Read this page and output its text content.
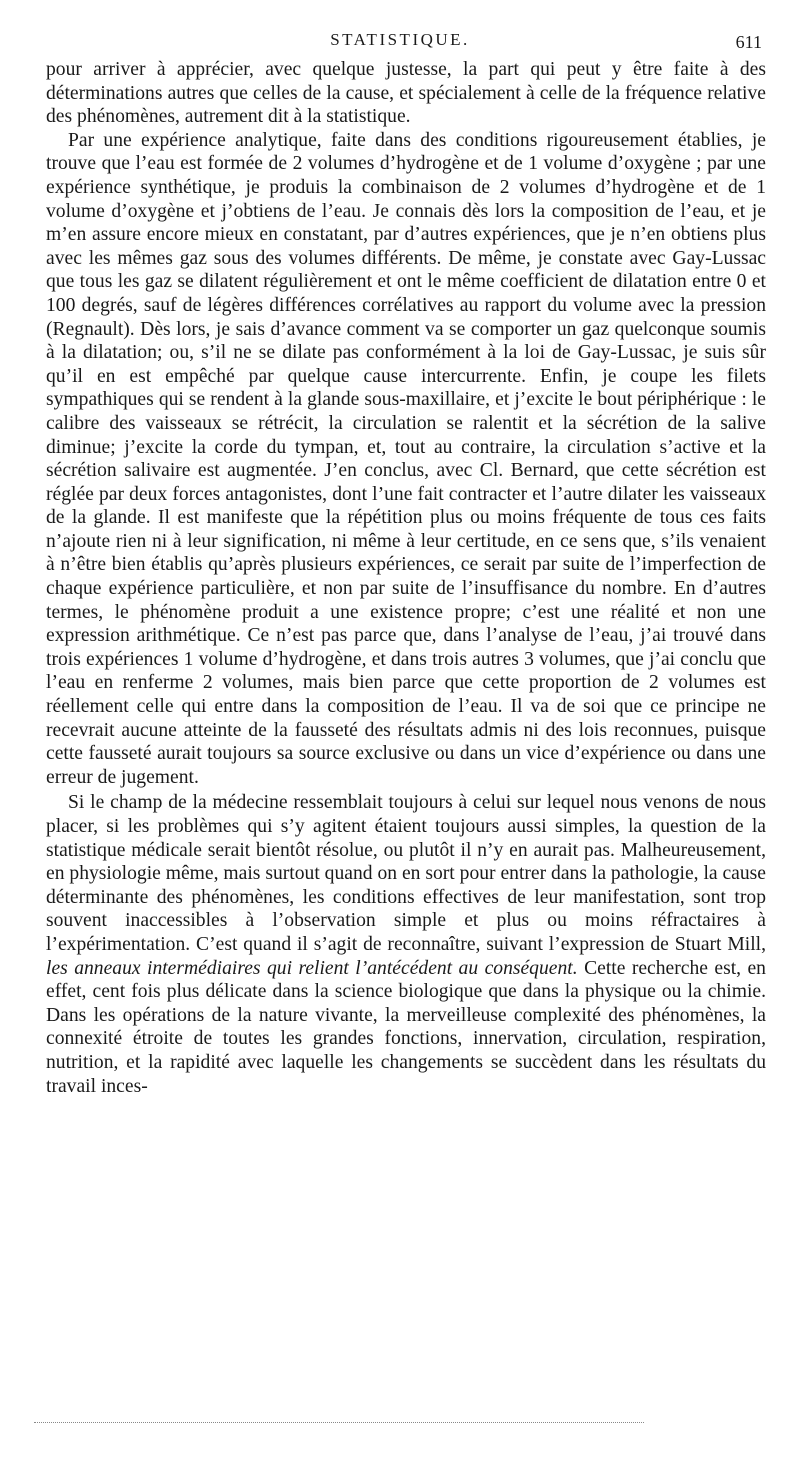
STATISTIQUE.	611

pour arriver à apprécier, avec quelque justesse, la part qui peut y être faite à des déterminations autres que celles de la cause, et spécialement à celle de la fréquence relative des phénomènes, autrement dit à la statistique.

Par une expérience analytique, faite dans des conditions rigoureusement établies, je trouve que l’eau est formée de 2 volumes d’hydrogène et de 1 volume d’oxygène ; par une expérience synthétique, je produis la combinaison de 2 volumes d’hydrogène et de 1 volume d’oxygène et j’obtiens de l’eau. Je connais dès lors la composition de l’eau, et je m’en assure encore mieux en constatant, par d’autres expériences, que je n’en obtiens plus avec les mêmes gaz sous des volumes différents. De même, je constate avec Gay-Lussac que tous les gaz se dilatent régulièrement et ont le même coefficient de dilatation entre 0 et 100 degrés, sauf de légères différences corrélatives au rapport du volume avec la pression (Regnault). Dès lors, je sais d’avance comment va se comporter un gaz quelconque soumis à la dilatation; ou, s’il ne se dilate pas conformément à la loi de Gay-Lussac, je suis sûr qu’il en est empêché par quelque cause intercurrente. Enfin, je coupe les filets sympathiques qui se rendent à la glande sous-maxillaire, et j’excite le bout périphérique : le calibre des vaisseaux se rétrécit, la circulation se ralentit et la sécrétion de la salive diminue; j’excite la corde du tympan, et, tout au contraire, la circulation s’active et la sécrétion salivaire est augmentée. J’en conclus, avec Cl. Bernard, que cette sécrétion est réglée par deux forces antagonistes, dont l’une fait contracter et l’autre dilater les vaisseaux de la glande. Il est manifeste que la répétition plus ou moins fréquente de tous ces faits n’ajoute rien ni à leur signification, ni même à leur certitude, en ce sens que, s’ils venaient à n’être bien établis qu’après plusieurs expériences, ce serait par suite de l’imperfection de chaque expérience particulière, et non par suite de l’insuffisance du nombre. En d’autres termes, le phénomène produit a une existence propre; c’est une réalité et non une expression arithmétique. Ce n’est pas parce que, dans l’analyse de l’eau, j’ai trouvé dans trois expériences 1 volume d’hydrogène, et dans trois autres 3 volumes, que j’ai conclu que l’eau en renferme 2 volumes, mais bien parce que cette proportion de 2 volumes est réellement celle qui entre dans la composition de l’eau. Il va de soi que ce principe ne recevrait aucune atteinte de la fausseté des résultats admis ni des lois reconnues, puisque cette fausseté aurait toujours sa source exclusive ou dans un vice d’expérience ou dans une erreur de jugement.

Si le champ de la médecine ressemblait toujours à celui sur lequel nous venons de nous placer, si les problèmes qui s’y agitent étaient toujours aussi simples, la question de la statistique médicale serait bientôt résolue, ou plutôt il n’y en aurait pas. Malheureusement, en physiologie même, mais surtout quand on en sort pour entrer dans la pathologie, la cause déterminante des phénomènes, les conditions effectives de leur manifestation, sont trop souvent inaccessibles à l’observation simple et plus ou moins réfractaires à l’expérimentation. C’est quand il s’agit de reconnaître, suivant l’expression de Stuart Mill, les anneaux intermédiaires qui relient l’antécédent au conséquent. Cette recherche est, en effet, cent fois plus délicate dans la science biologique que dans la physique ou la chimie. Dans les opérations de la nature vivante, la merveilleuse complexité des phénomènes, la connexité étroite de toutes les grandes fonctions, innervation, circulation, respiration, nutrition, et la rapidité avec laquelle les changements se succèdent dans les résultats du travail inces-
